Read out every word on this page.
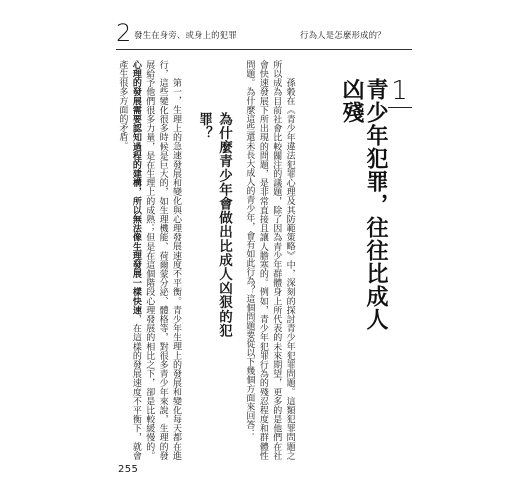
2 發生在身旁、或身上的犯罪	行為人是怎麼形成的？
1
青少年犯罪，往往比成人凶殘

孫穀在《青少年違法犯罪心理及其防範策略》中，深刻的探討青少年犯罪問題。這類犯罪問題之所以成為目前社會比較關注的議題，除了因為青少年群體身上所代表的未來期望，更多的是他們在社會快速發展下所出現的問題，是非常直接且讓人膽寒的。例如，青少年犯罪行為的殘忍程度和群體性問題。為什麼這些還未長大成人的青少年，會有如此行為？這個問題要從以下幾個方面來回答：

為什麼青少年會做出比成人凶狠的犯罪？

第一，生理上的急速發展和變化與心理發展速度不平衡。青少年生理上的發展和變化每天都在進行，這些變化很多時候是巨大的，如生理機能、荷爾蒙分泌、體格等，對很多青少年來說，生理的發展給予他們很多力量，是在生理上的成熟；但是在這個階段心理發展的相比之下，卻是比較緩慢的。心理的發展需要認知過程的建構，所以無法像生理發展一樣快速，在這樣的發展速度不平衡下，就會產生很多方面的矛盾。

255
